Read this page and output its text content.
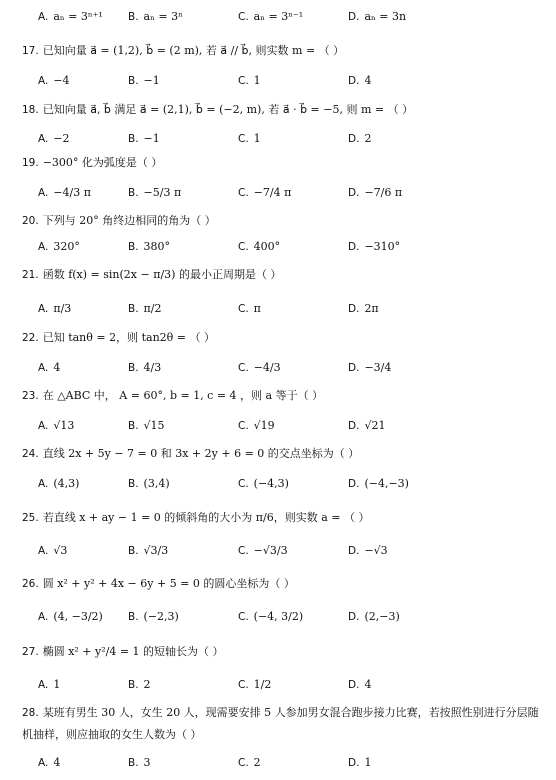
A. aₙ = 3ⁿ⁺¹ B. aₙ = 3ⁿ	C. aₙ = 3ⁿ⁻¹	D. aₙ = 3n
17. 已知向量 a⃗ = (1,2), b⃗ = (2 m), 若 a⃗ // b⃗, 则实数 m = （ ）
A. −4	B. −1	C. 1	D. 4
18. 已知向量 a⃗, b⃗ 满足 a⃗ = (2,1), b⃗ = (−2, m), 若 a⃗ · b⃗ = −5, 则 m = （ ）
A. −2	B. −1	C. 1	D. 2
19. −300° 化为弧度是（ ）
A. −4/3 π	B. −5/3 π	C. −7/4 π	D. −7/6 π
20. 下列与 20° 角终边相同的角为（ ）
A. 320°	B. 380°	C. 400°	D. −310°
21. 函数 f(x) = sin(2x − π/3) 的最小正周期是（ ）
A. π/3	B. π/2	C. π	D. 2π
22. 已知 tanθ = 2，则 tan2θ = （ ）
A. 4	B. 4/3	C. −4/3	D. −3/4
23. 在 △ABC 中， A = 60°, b = 1, c = 4 ，则 a 等于（ ）
A. √13	B. √15	C. √19	D. √21
24. 直线 2x + 5y − 7 = 0 和 3x + 2y + 6 = 0 的交点坐标为（ ）
A. (4,3)	B. (3,4)	C. (−4,3)	D. (−4,−3)
25. 若直线 x + ay − 1 = 0 的倾斜角的大小为 π/6，则实数 a = （ ）
A. √3	B. √3/3	C. −√3/3	D. −√3
26. 圆 x² + y² + 4x − 6y + 5 = 0 的圆心坐标为（ ）
A. (4, −3/2) B. (−2,3)	C. (−4, 3/2)	D. (2,−3)
27. 椭圆 x² + y²/4 = 1 的短轴长为（ ）
A. 1	B. 2	C. 1/2	D. 4
28. 某班有男生 30 人，女生 20 人，现需要安排 5 人参加男女混合跑步接力比赛，若按照性别进行分层随机抽样，则应抽取的女生人数为（ ）
A. 4	B. 3	C. 2	D. 1
